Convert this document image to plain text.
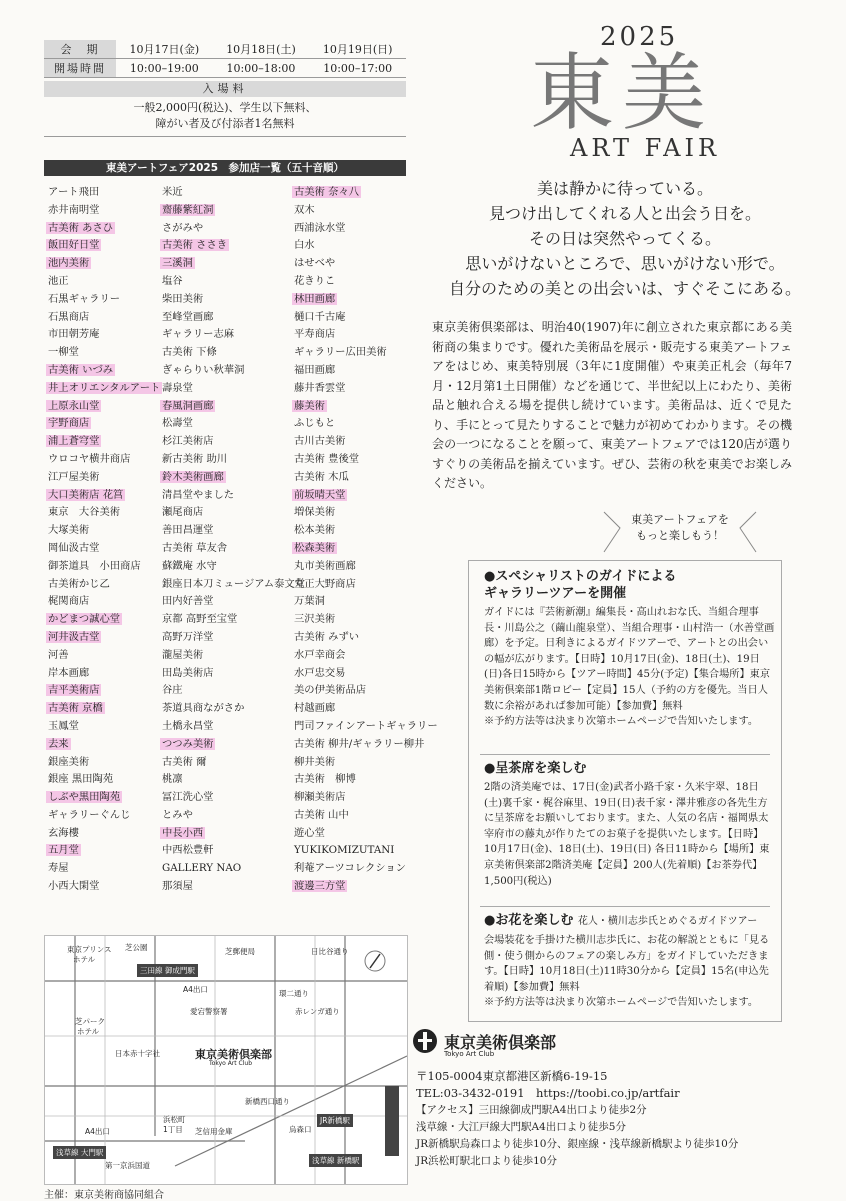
会　期	10月17日(金)	10月18日(土)	10月19日(日)
開場時間	10:00–19:00	10:00–18:00	10:00–17:00
入場料
一般2,000円(税込)、学生以下無料、
障がい者及び付添者1名無料
東美アートフェア2025　参加店一覧（五十音順）
アート飛田
赤井南明堂
古美術 あさひ
飯田好日堂
池内美術
池正
石黒ギャラリー
石黒商店
市田朝芳庵
一柳堂
古美術 いづみ
井上オリエンタルアート
上原永山堂
宇野商店
浦上蒼穹堂
ウロコヤ横井商店
江戸屋美術
大口美術店 花筥
東京　大谷美術
大塚美術
岡仙汲古堂
御茶道具　小田商店
古美術かじ乙
梶関商店
かどまつ誠心堂
河井汲古堂
河善
岸本画廊
吉平美術店
古美術 京橋
玉鳳堂
去来
銀座美術
銀座 黒田陶苑
しぶや黒田陶苑
ギャラリーぐんじ
玄海樓
五月堂
寿屋
小西大閑堂
米近
齋藤紫紅洞
さがみや
古美術 ささき
三溪洞
塩谷
柴田美術
至峰堂画廊
ギャラリー志麻
古美術 下條
ぎゃらりい秋華洞
壽泉堂
春風洞画廊
松壽堂
杉江美術店
新古美術 助川
鈴木美術画廊
清昌堂やました
瀬尾商店
善田昌運堂
古美術 草友舎
蘇鐵庵 水守
銀座日本刀ミュージアム泰文堂
田内好善堂
京都 高野至宝堂
高野万洋堂
瀧屋美術
田島美術店
谷庄
茶道具商ながさか
土橋永昌堂
つつみ美術
古美術 爾
桃凛
冨江洗心堂
とみや
中長小西
中西松豊軒
GALLERY NAO
那須屋
古美術 奈々八
双木
西浦泳水堂
白水
はせべや
花きりこ
林田画廊
樋口千古庵
平寿商店
ギャラリー広田美術
福田画廊
藤井香雲堂
藤美術
ふじもと
古川古美術
古美術 豊後堂
古美術 木瓜
前坂晴天堂
増保美術
松本美術
松森美術
丸市美術画廊
丸正大野商店
万葉洞
三沢美術
古美術 みずい
水戸幸商会
水戸忠交易
美の伊美術品店
村越画廊
門司ファインアートギャラリー
古美術 柳井/ギャラリー柳井
柳井美術
古美術　柳博
柳瀬美術店
古美術 山中
遊心堂
YUKIKOMIZUTANI
利菴アーツコレクション
渡邊三方堂
2025
東美
ART FAIR
美は静かに待っている。
見つけ出してくれる人と出会う日を。
その日は突然やってくる。
思いがけないところで、思いがけない形で。
自分のための美との出会いは、すぐそこにある。
東京美術倶楽部は、明治40(1907)年に創立された東京都にある美術商の集まりです。優れた美術品を展示・販売する東美アートフェアをはじめ、東美特別展（3年に1度開催）や東美正札会（毎年7月・12月第1土日開催）などを通じて、半世紀以上にわたり、美術品と触れ合える場を提供し続けています。美術品は、近くで見たり、手にとって見たりすることで魅力が初めてわかります。その機会の一つになることを願って、東美アートフェアでは120店が選りすぐりの美術品を揃えています。ぜひ、芸術の秋を東美でお楽しみください。
東美アートフェアを
もっと楽しもう！
●スペシャリストのガイドによる
ギャラリーツアーを開催

ガイドには『芸術新潮』編集長・高山れおな氏、当組合理事長・川島公之（繭山龍泉堂）、当組合理事・山村浩一（水善堂画廊）を予定。日利きによるガイドツアーで、アートとの出会いの幅が広がります。【日時】10月17日(金)、18日(土)、19日(日)各日15時から【ツアー時間】45分(予定)【集合場所】東京美術倶楽部1階ロビー【定員】15人（予約の方を優先。当日人数に余裕があれば参加可能）【参加費】無料

※予約方法等は決まり次第ホームページで告知いたします。

●呈茶席を楽しむ

2階の済美庵では、17日(金)武者小路千家・久米宇翠、18日(土)裏千家・梶谷麻里、19日(日)表千家・澤井雅彦の各先生方に呈茶席をお願いしております。また、人気の名店・福岡県太宰府市の藤丸が作りたてのお菓子を提供いたします。【日時】10月17日(金)、18日(土)、19日(日) 各日11時から【場所】東京美術倶楽部2階済美庵【定員】200人(先着順)【お茶券代】1,500円(税込)

●お花を楽しむ 花人・横川志歩氏とめぐるガイドツアー

会場装花を手掛けた横川志歩氏に、お花の解説とともに「見る側・使う側からのフェアの楽しみ方」をガイドしていただきます。【日時】10月18日(土)11時30分から【定員】15名(申込先着順)【参加費】無料

※予約方法等は決まり次第ホームページで告知いたします。

東京プリンス
ホテル
芝公園	芝郵便局	日比谷通り
三田線 御成門駅
A4出口
愛宕警察署
環二通り
赤レンガ通り
芝パーク
ホテル
日本赤十字社	東京美術倶楽部
Tokyo Art Club
新橋西口通り
A4出口
浜松町
1丁目 芝信用金庫	烏森口
JR新橋駅
浅草線 大門駅
第一京浜国道
浅草線 新橋駅
主催：東京美術商協同組合
東京美術倶楽部
Tokyo Art Club
〒105-0004東京都港区新橋6-19-15
TEL:03-3432-0191　https://toobi.co.jp/artfair
【アクセス】三田線御成門駅A4出口より徒歩2分
浅草線・大江戸線大門駅A4出口より徒歩5分
JR新橋駅烏森口より徒歩10分、銀座線・浅草線新橋駅より徒歩10分
JR浜松町駅北口より徒歩10分
